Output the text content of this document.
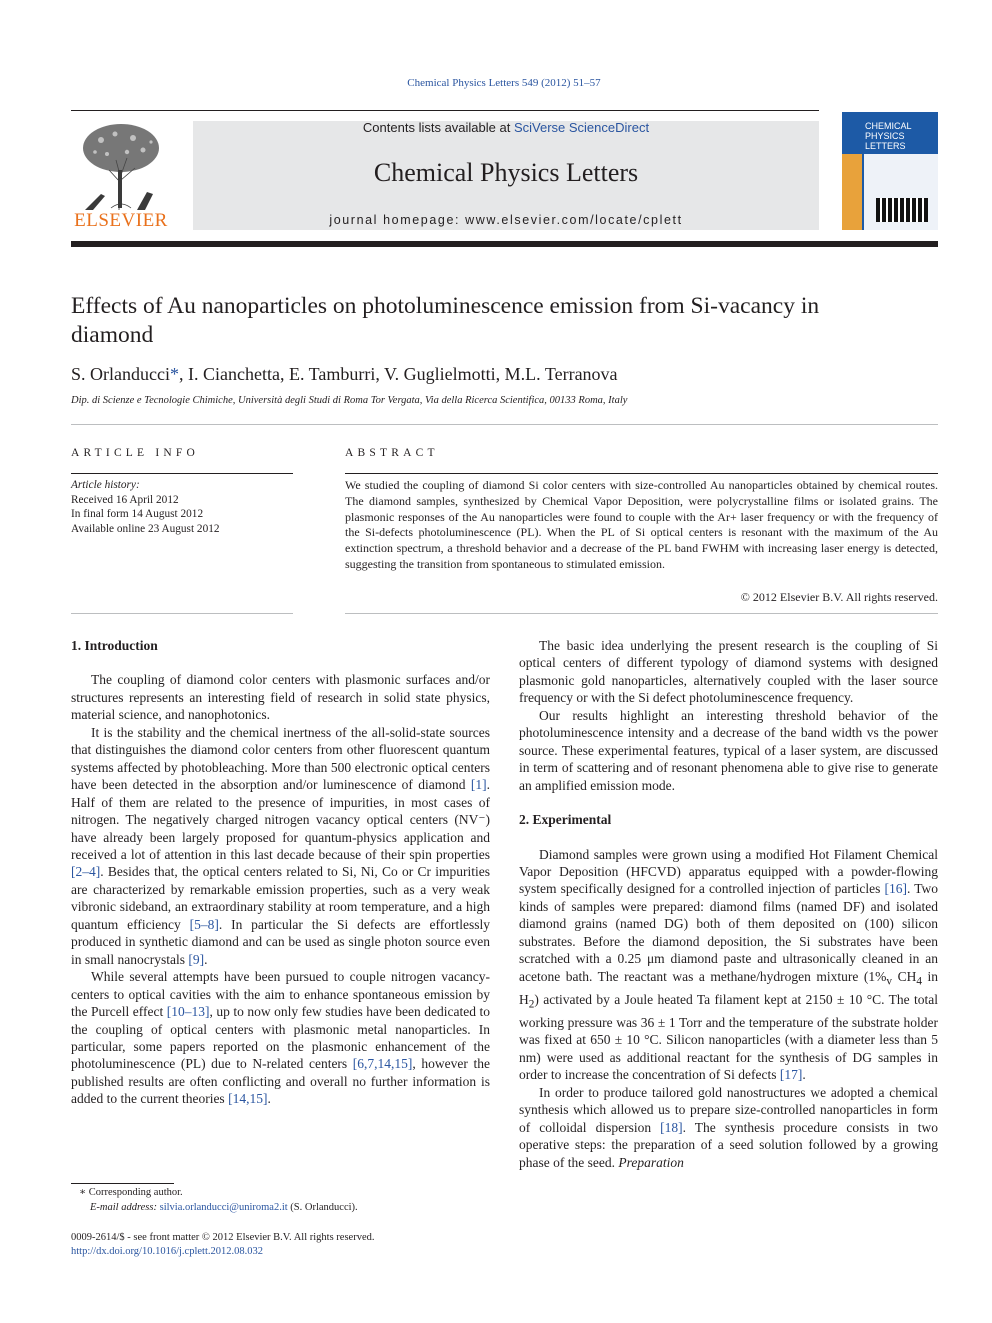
Chemical Physics Letters 549 (2012) 51–57
ELSEVIER
Contents lists available at SciVerse ScienceDirect
Chemical Physics Letters
journal homepage: www.elsevier.com/locate/cplett
CHEMICAL
PHYSICS
LETTERS
Effects of Au nanoparticles on photoluminescence emission from Si-vacancy in diamond
S. Orlanducci*, I. Cianchetta, E. Tamburri, V. Guglielmotti, M.L. Terranova
Dip. di Scienze e Tecnologie Chimiche, Università degli Studi di Roma Tor Vergata, Via della Ricerca Scientifica, 00133 Roma, Italy
ARTICLE INFO	ABSTRACT
Article history:
Received 16 April 2012
In final form 14 August 2012
Available online 23 August 2012
We studied the coupling of diamond Si color centers with size-controlled Au nanoparticles obtained by chemical routes. The diamond samples, synthesized by Chemical Vapor Deposition, were polycrystalline films or isolated grains. The plasmonic responses of the Au nanoparticles were found to couple with the Ar+ laser frequency or with the frequency of the Si-defects photoluminescence (PL). When the PL of Si optical centers is resonant with the maximum of the Au extinction spectrum, a threshold behavior and a decrease of the PL band FWHM with increasing laser energy is detected, suggesting the transition from spontaneous to stimulated emission.
© 2012 Elsevier B.V. All rights reserved.

1. Introduction

The coupling of diamond color centers with plasmonic surfaces and/or structures represents an interesting field of research in solid state physics, material science, and nanophotonics.

It is the stability and the chemical inertness of the all-solid-state sources that distinguishes the diamond color centers from other fluorescent quantum systems affected by photobleaching. More than 500 electronic optical centers have been detected in the absorption and/or luminescence of diamond [1]. Half of them are related to the presence of impurities, in most cases of nitrogen. The negatively charged nitrogen vacancy optical centers (NV⁻) have already been largely proposed for quantum-physics application and received a lot of attention in this last decade because of their spin properties [2–4]. Besides that, the optical centers related to Si, Ni, Co or Cr impurities are characterized by remarkable emission properties, such as a very weak vibronic sideband, an extraordinary stability at room temperature, and a high quantum efficiency [5–8]. In particular the Si defects are effortlessly produced in synthetic diamond and can be used as single photon source even in small nanocrystals [9].

While several attempts have been pursued to couple nitrogen vacancy-centers to optical cavities with the aim to enhance spontaneous emission by the Purcell effect [10–13], up to now only few studies have been dedicated to the coupling of optical centers with plasmonic metal nanoparticles. In particular, some papers reported on the plasmonic enhancement of the photoluminescence (PL) due to N-related centers [6,7,14,15], however the published results are often conflicting and overall no further information is added to the current theories [14,15].

The basic idea underlying the present research is the coupling of Si optical centers of different typology of diamond systems with designed plasmonic gold nanoparticles, alternatively coupled with the laser source frequency or with the Si defect photoluminescence frequency.

Our results highlight an interesting threshold behavior of the photoluminescence intensity and a decrease of the band width vs the power source. These experimental features, typical of a laser system, are discussed in term of scattering and of resonant phenomena able to give rise to generate an amplified emission mode.

2. Experimental

Diamond samples were grown using a modified Hot Filament Chemical Vapor Deposition (HFCVD) apparatus equipped with a powder-flowing system specifically designed for a controlled injection of particles [16]. Two kinds of samples were prepared: diamond films (named DF) and isolated diamond grains (named DG) both of them deposited on (100) silicon substrates. Before the diamond deposition, the Si substrates have been scratched with a 0.25 μm diamond paste and ultrasonically cleaned in an acetone bath. The reactant was a methane/hydrogen mixture ($1\%_v$ $CH_4$ in $H_2$) activated by a Joule heated Ta filament kept at 2150 ± 10 °C. The total working pressure was 36 ± 1 Torr and the temperature of the substrate holder was fixed at 650 ± 10 °C. Silicon nanoparticles (with a diameter less than 5 nm) were used as additional reactant for the synthesis of DG samples in order to increase the concentration of Si defects [17].

In order to produce tailored gold nanostructures we adopted a chemical synthesis which allowed us to prepare size-controlled nanoparticles in form of colloidal dispersion [18]. The synthesis procedure consists in two operative steps: the preparation of a seed solution followed by a growing phase of the seed. Preparation

∗ Corresponding author.
E-mail address: silvia.orlanducci@uniroma2.it (S. Orlanducci).
0009-2614/$ - see front matter © 2012 Elsevier B.V. All rights reserved.
http://dx.doi.org/10.1016/j.cplett.2012.08.032
